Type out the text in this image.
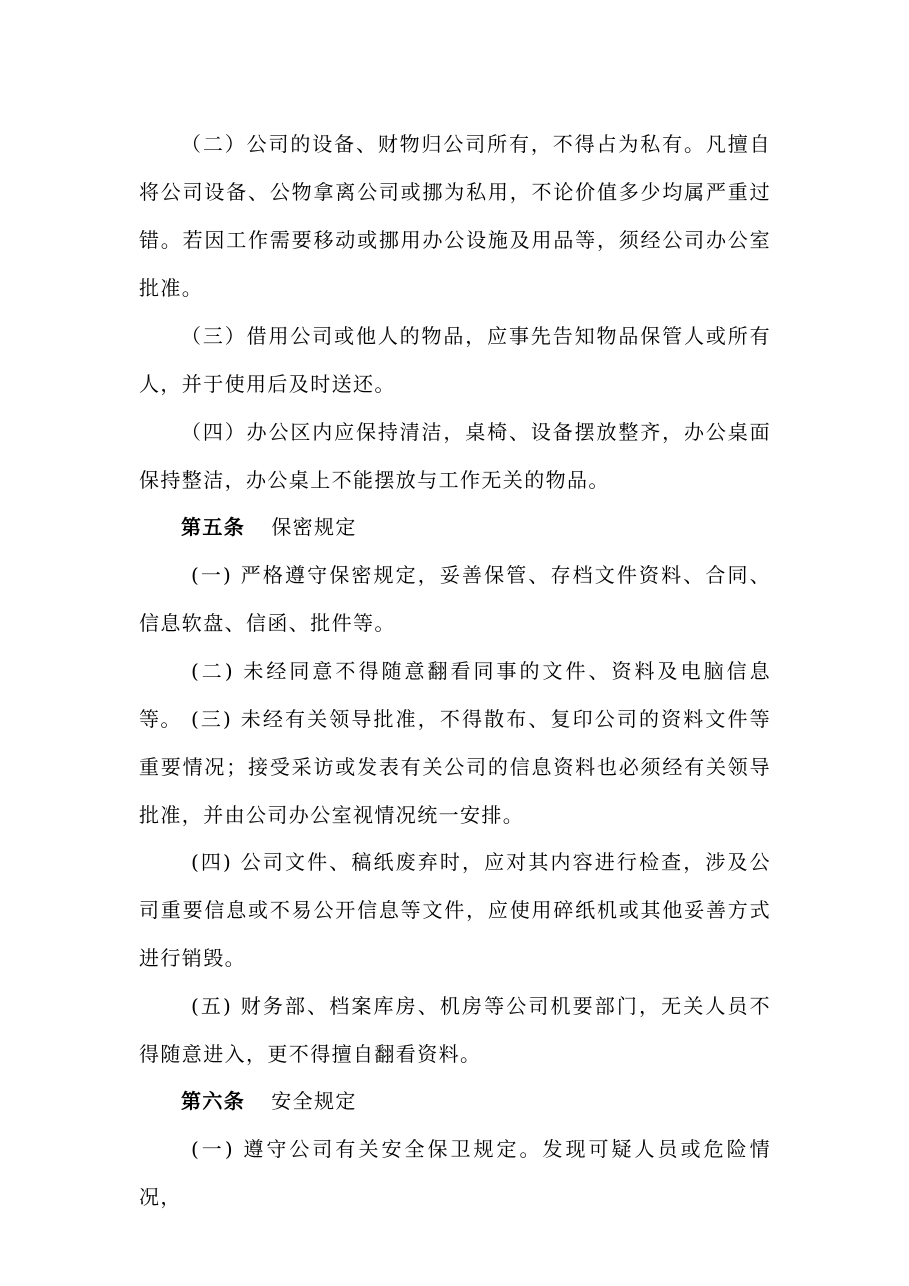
（二）公司的设备、财物归公司所有，不得占为私有。凡擅自将公司设备、公物拿离公司或挪为私用，不论价值多少均属严重过错。若因工作需要移动或挪用办公设施及用品等，须经公司办公室批准。

（三）借用公司或他人的物品，应事先告知物品保管人或所有人，并于使用后及时送还。

（四）办公区内应保持清洁，桌椅、设备摆放整齐，办公桌面保持整洁，办公桌上不能摆放与工作无关的物品。

第五条 保密规定

(一) 严格遵守保密规定，妥善保管、存档文件资料、合同、信息软盘、信函、批件等。

(二) 未经同意不得随意翻看同事的文件、资料及电脑信息等。 (三) 未经有关领导批准，不得散布、复印公司的资料文件等重要情况；接受采访或发表有关公司的信息资料也必须经有关领导批准，并由公司办公室视情况统一安排。

(四) 公司文件、稿纸废弃时，应对其内容进行检查，涉及公司重要信息或不易公开信息等文件，应使用碎纸机或其他妥善方式进行销毁。

(五) 财务部、档案库房、机房等公司机要部门，无关人员不得随意进入，更不得擅自翻看资料。

第六条 安全规定

(一) 遵守公司有关安全保卫规定。发现可疑人员或危险情况，
